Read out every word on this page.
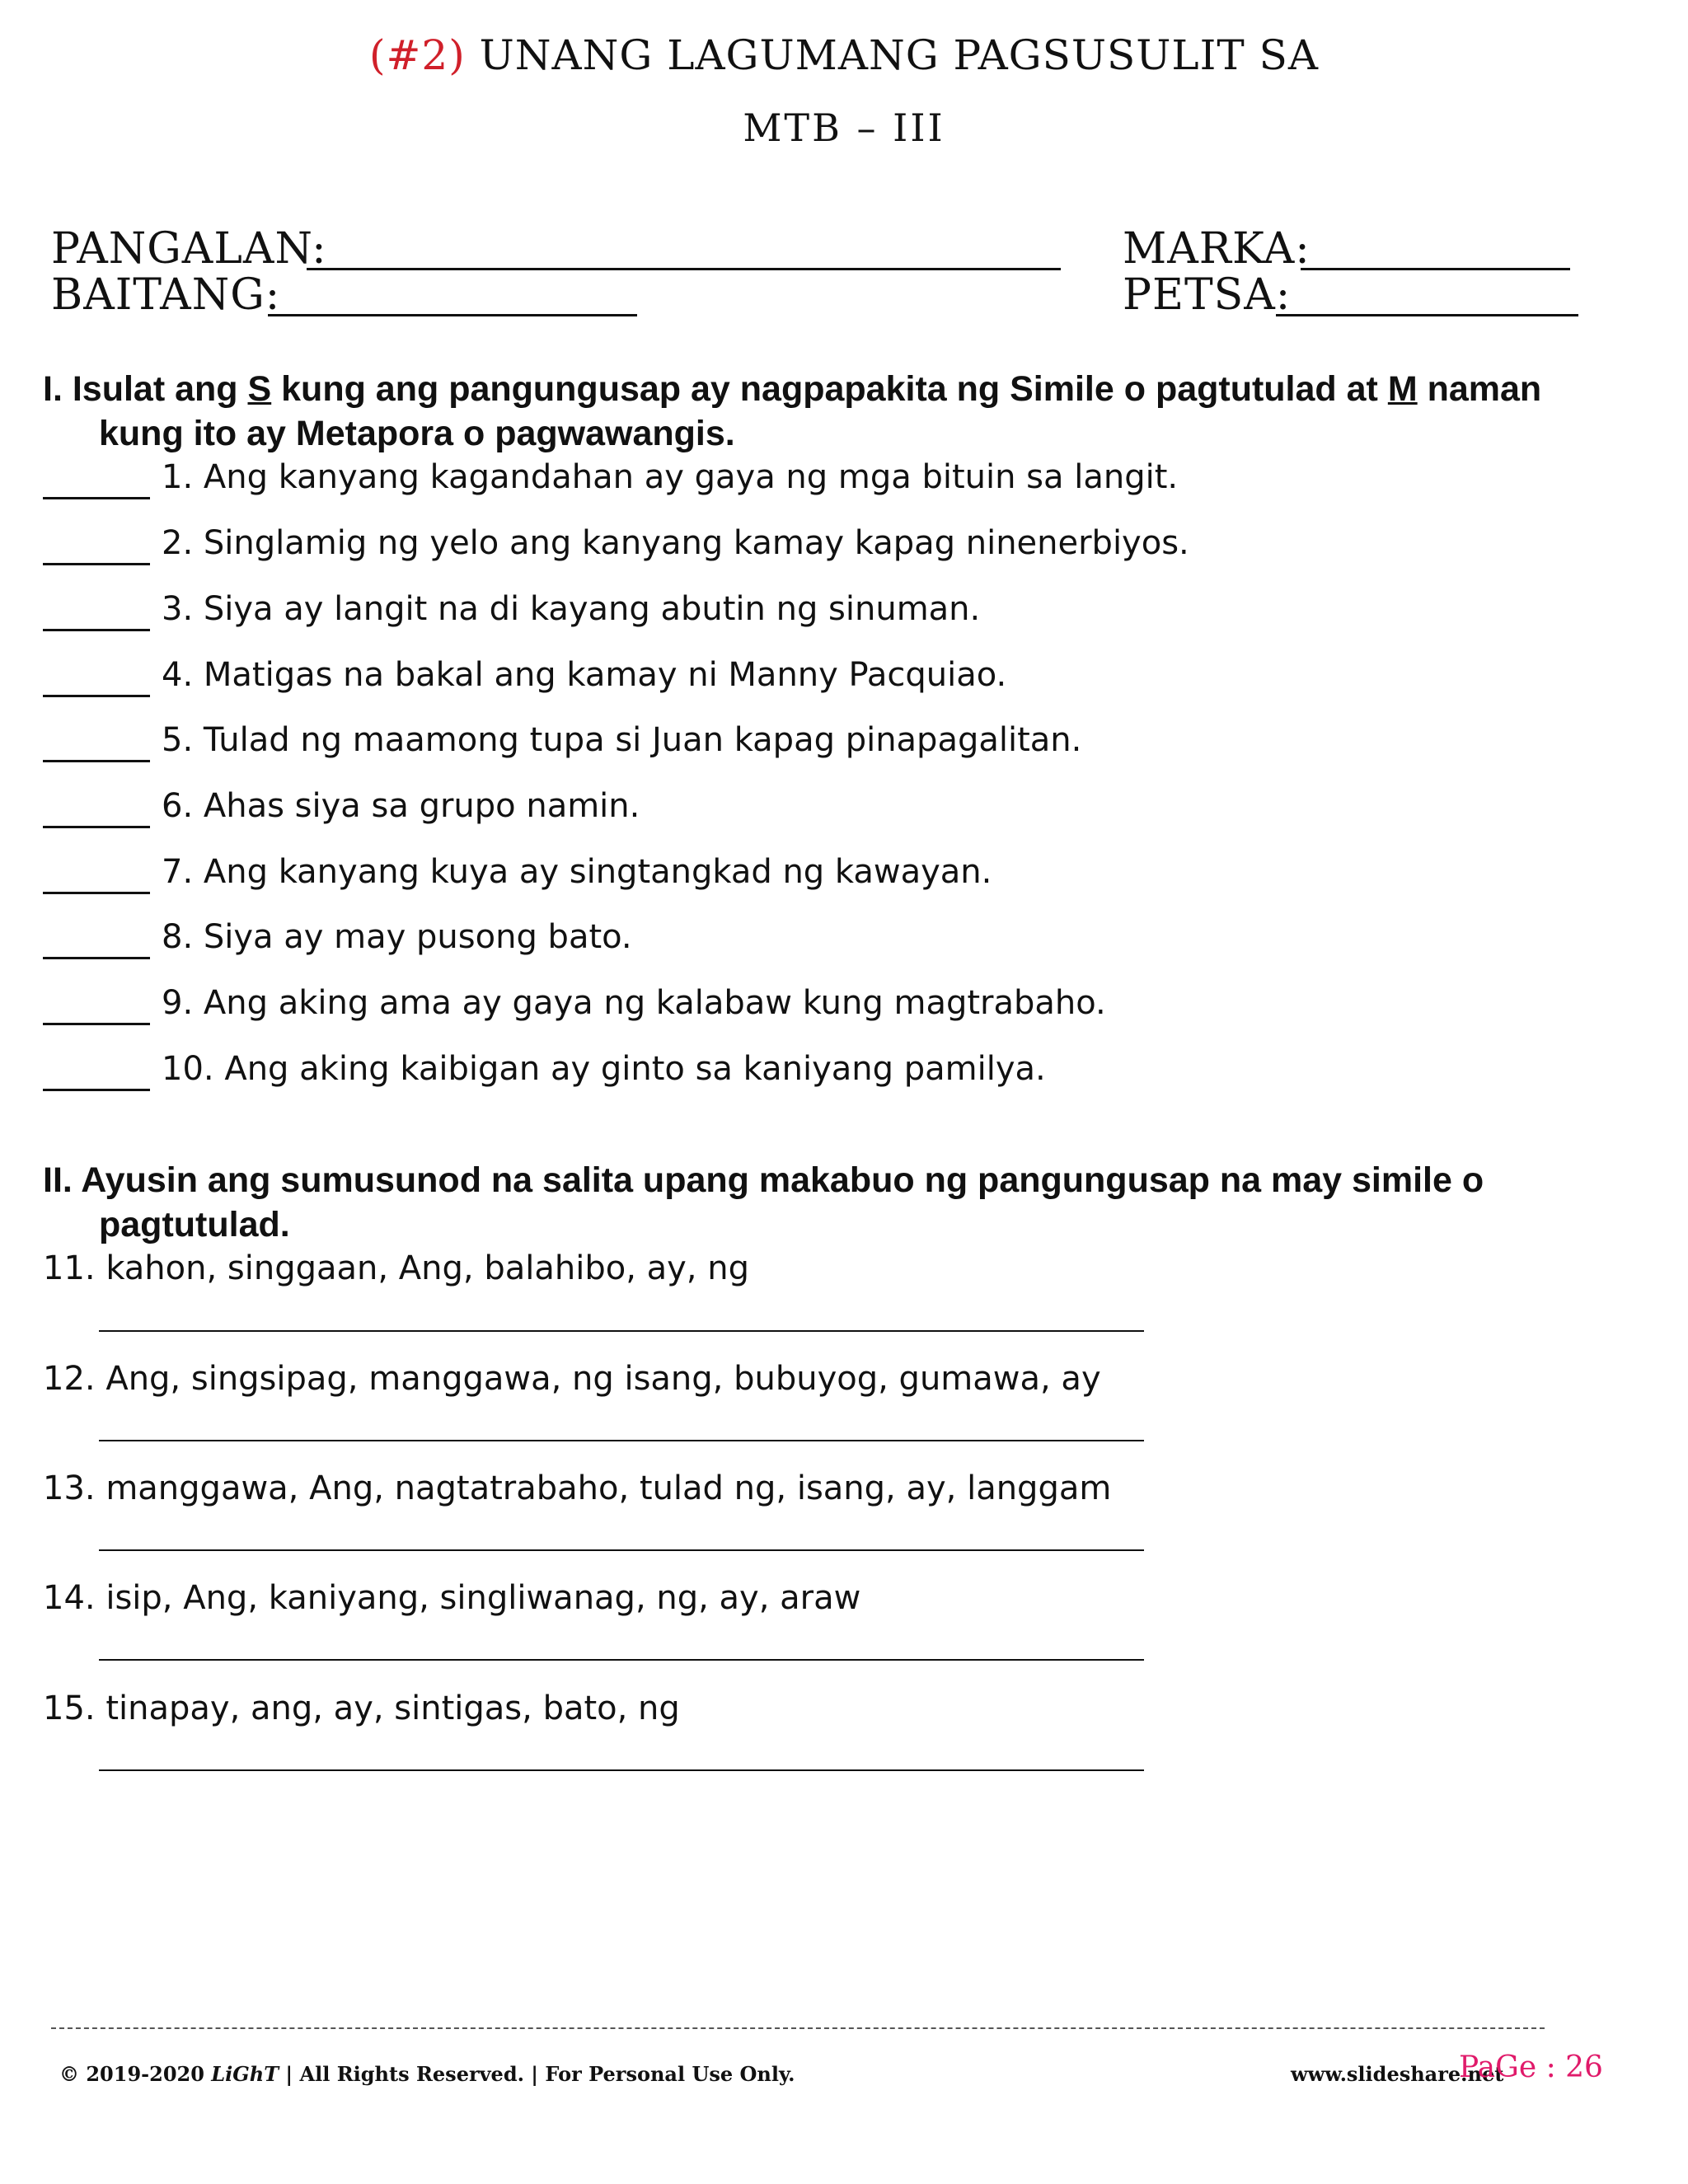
(#2) UNANG LAGUMANG PAGSUSULIT SA
MTB – III
PANGALAN:
BAITANG:
MARKA:
PETSA:
I. Isulat ang S kung ang pangungusap ay nagpapakita ng Simile o pagtutulad at M naman
kung ito ay Metapora o pagwawangis.
1. Ang kanyang kagandahan ay gaya ng mga bituin sa langit.
2. Singlamig ng yelo ang kanyang kamay kapag ninenerbiyos.
3. Siya ay langit na di kayang abutin ng sinuman.
4. Matigas na bakal ang kamay ni Manny Pacquiao.
5. Tulad ng maamong tupa si Juan kapag pinapagalitan.
6. Ahas siya sa grupo namin.
7. Ang kanyang kuya ay singtangkad ng kawayan.
8. Siya ay may pusong bato.
9. Ang aking ama ay gaya ng kalabaw kung magtrabaho.
10. Ang aking kaibigan ay ginto sa kaniyang pamilya.
II. Ayusin ang sumusunod na salita upang makabuo ng pangungusap na may simile o
pagtutulad.
11. kahon, singgaan, Ang, balahibo, ay, ng
12. Ang, singsipag, manggawa, ng isang, bubuyog, gumawa, ay
13. manggawa, Ang, nagtatrabaho, tulad ng, isang, ay, langgam
14. isip, Ang, kaniyang, singliwanag, ng, ay, araw
15. tinapay, ang, ay, sintigas, bato, ng
© 2019-2020 LiGhT | All Rights Reserved. | For Personal Use Only.	www.slideshare.net
PaGe : 26
